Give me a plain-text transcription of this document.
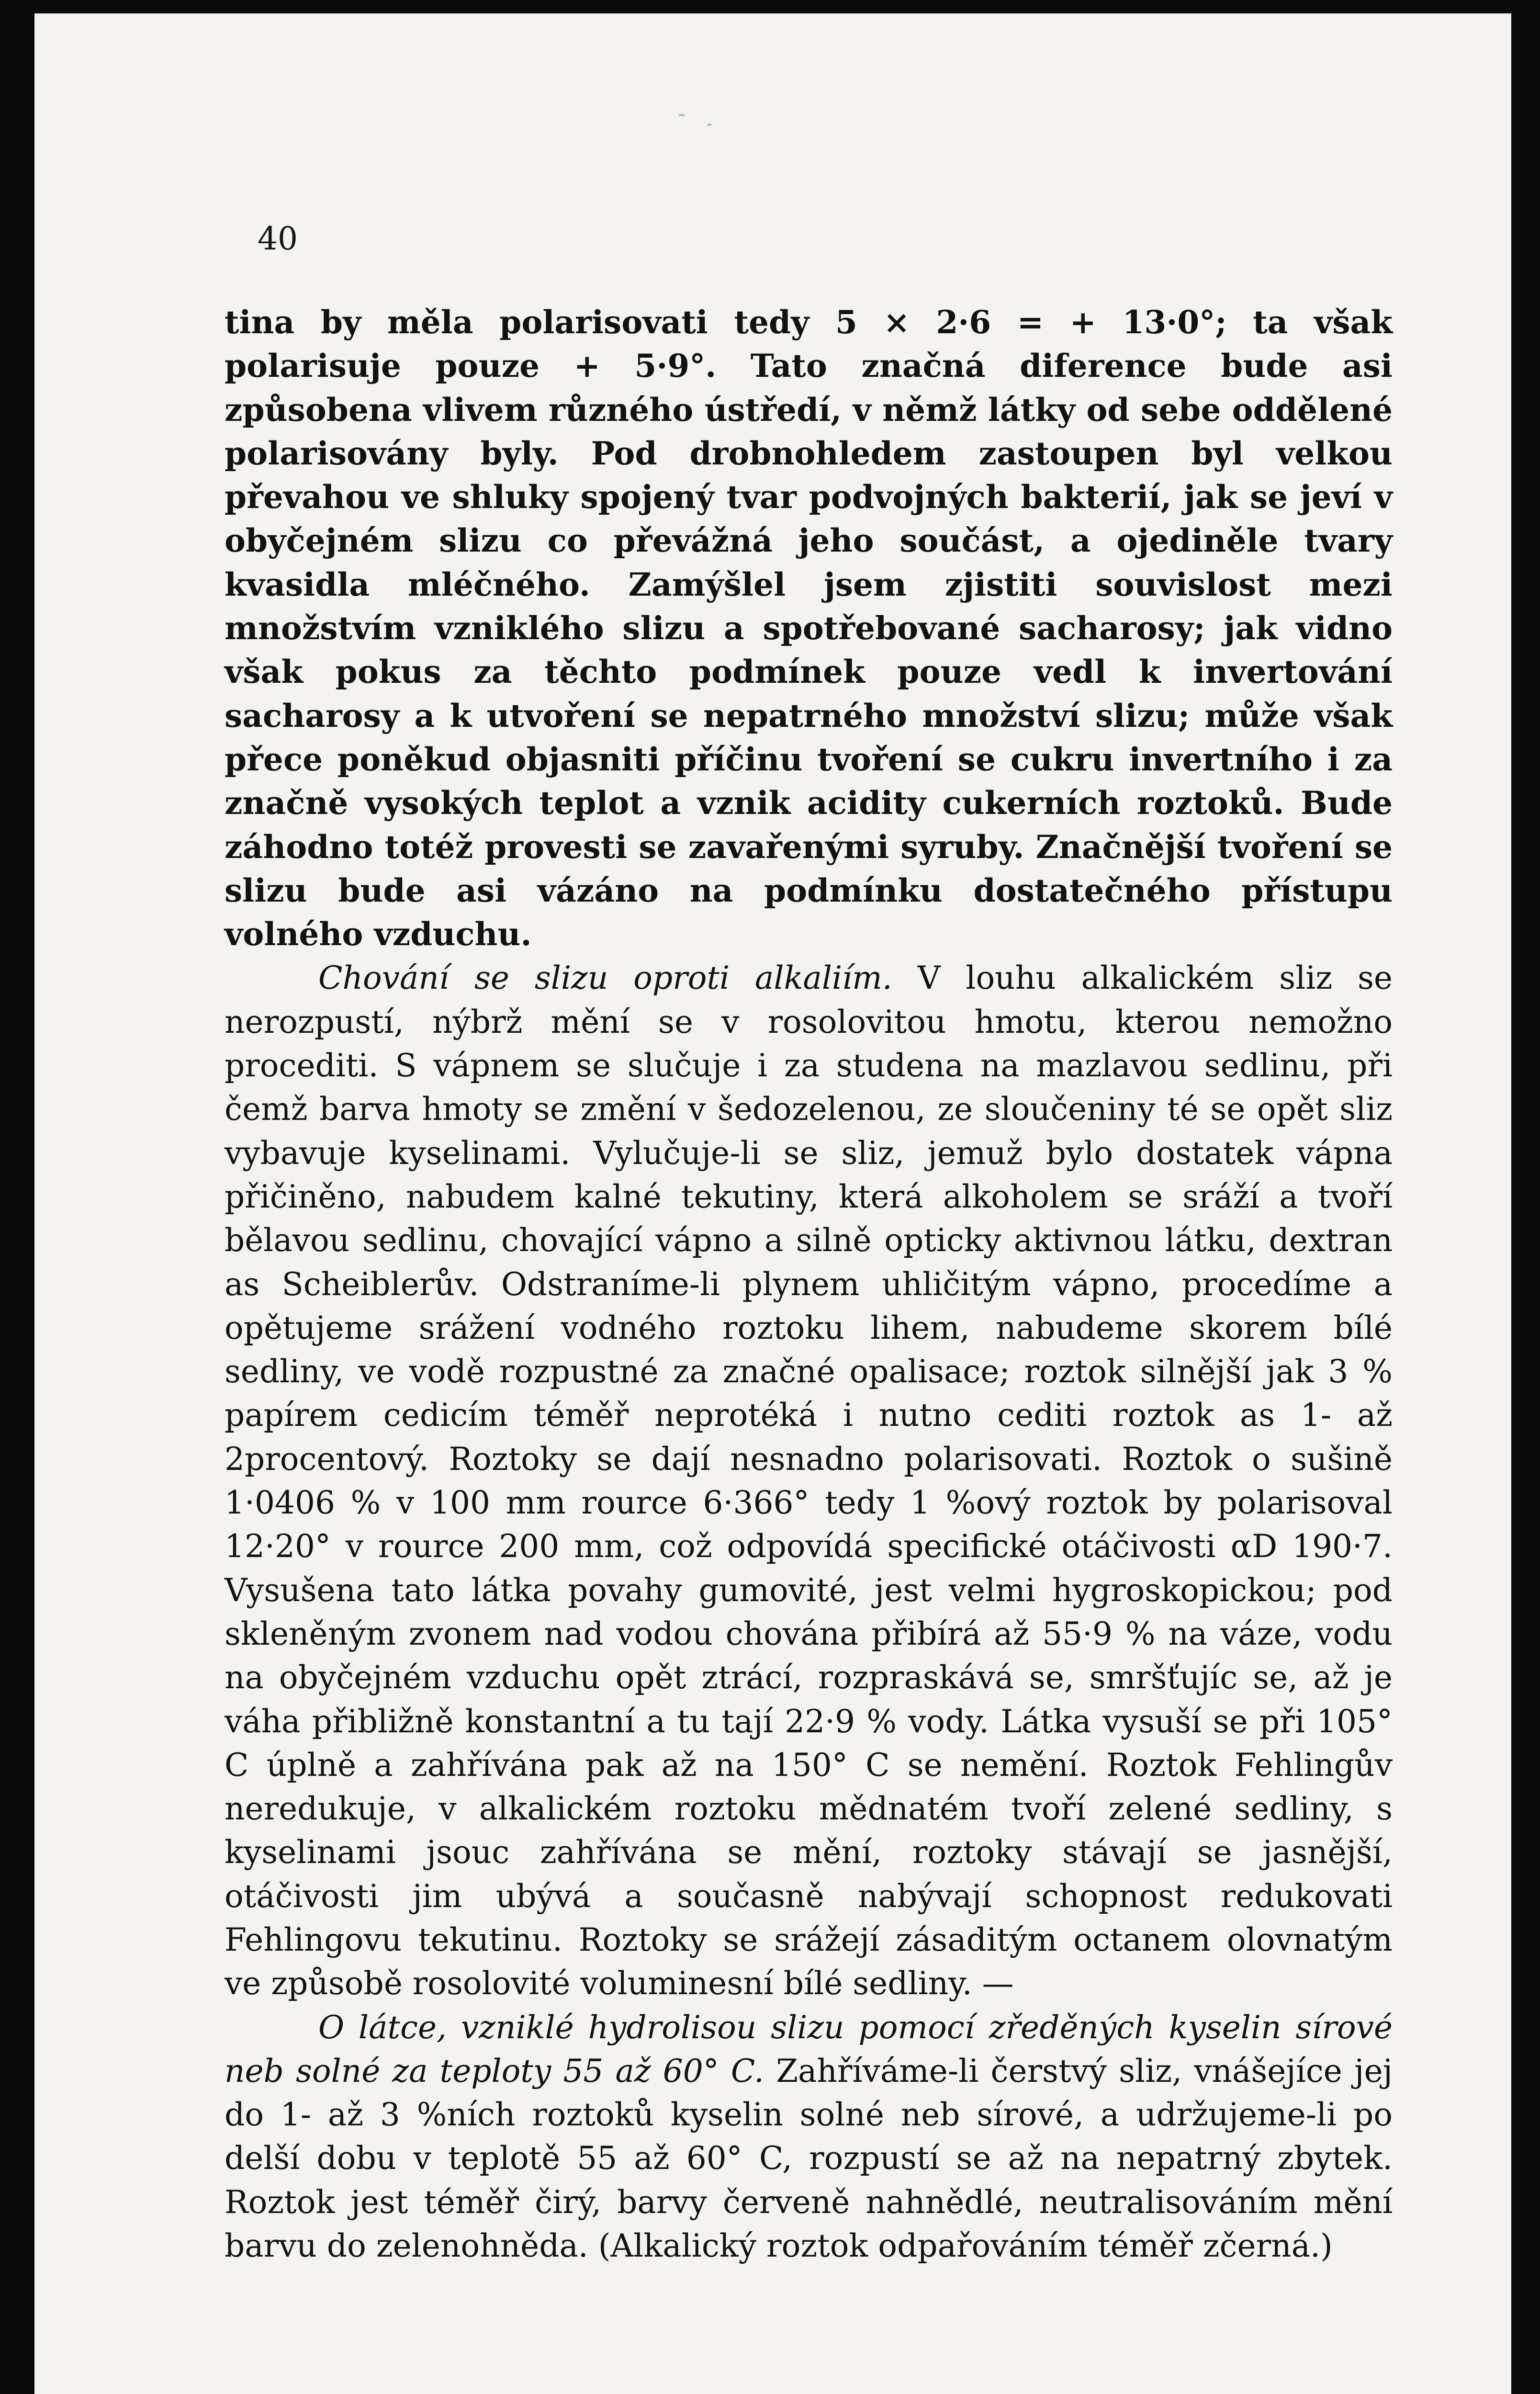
40

tina by měla polarisovati tedy 5 × 2·6 = + 13·0°; ta však polarisuje pouze + 5·9°. Tato značná diference bude asi způsobena vlivem různého ústředí, v němž látky od sebe oddělené polarisovány byly. Pod drobnohledem zastoupen byl velkou převahou ve shluky spojený tvar podvojných bakterií, jak se jeví v obyčejném slizu co převážná jeho součást, a ojediněle tvary kvasidla mléčného. Zamýšlel jsem zjistiti souvislost mezi množstvím vzniklého slizu a spotřebované sacharosy; jak vidno však pokus za těchto podmínek pouze vedl k invertování sacharosy a k utvoření se nepatrného množství slizu; může však přece poněkud objasniti příčinu tvoření se cukru invertního i za značně vysokých teplot a vznik acidity cukerních roztoků. Bude záhodno totéž provesti se zavařenými syruby. Značnější tvoření se slizu bude asi vázáno na podmínku dostatečného přístupu volného vzduchu.

Chování se slizu oproti alkaliím. V louhu alkalickém sliz se nerozpustí, nýbrž mění se v rosolovitou hmotu, kterou nemožno procediti. S vápnem se slučuje i za studena na mazlavou sedlinu, při čemž barva hmoty se změní v šedozelenou, ze sloučeniny té se opět sliz vybavuje kyselinami. Vylučuje-li se sliz, jemuž bylo dostatek vápna přičiněno, nabudem kalné tekutiny, která alkoholem se sráží a tvoří bělavou sedlinu, chovající vápno a silně opticky aktivnou látku, dextran as Scheiblerův. Odstraníme-li plynem uhličitým vápno, procedíme a opětujeme srážení vodného roztoku lihem, nabudeme skorem bílé sedliny, ve vodě rozpustné za značné opalisace; roztok silnější jak 3 % papírem cedicím téměř neprotéká i nutno cediti roztok as 1- až 2procentový. Roztoky se dají nesnadno polarisovati. Roztok o sušině 1·0406 % v 100 mm rource 6·366° tedy 1 %ový roztok by polarisoval 12·20° v rource 200 mm, což odpovídá specifické otáčivosti αD 190·7. Vysušena tato látka povahy gumovité, jest velmi hygroskopickou; pod skleněným zvonem nad vodou chována přibírá až 55·9 % na váze, vodu na obyčejném vzduchu opět ztrácí, rozpraskává se, smršťujíc se, až je váha přibližně konstantní a tu tají 22·9 % vody. Látka vysuší se při 105° C úplně a zahřívána pak až na 150° C se nemění. Roztok Fehlingův neredukuje, v alkalickém roztoku mědnatém tvoří zelené sedliny, s kyselinami jsouc zahřívána se mění, roztoky stávají se jasnější, otáčivosti jim ubývá a současně nabývají schopnost redukovati Fehlingovu tekutinu. Roztoky se srážejí zásaditým octanem olovnatým ve způsobě rosolovité voluminesní bílé sedliny. —

O látce, vzniklé hydrolisou slizu pomocí zředěných kyselin sírové neb solné za teploty 55 až 60° C. Zahříváme-li čerstvý sliz, vnášejíce jej do 1- až 3 %ních roztoků kyselin solné neb sírové, a udržujeme-li po delší dobu v teplotě 55 až 60° C, rozpustí se až na nepatrný zbytek. Roztok jest téměř čirý, barvy červeně nahnědlé, neutralisováním mění barvu do zelenohněda. (Alkalický roztok odpařováním téměř zčerná.)
